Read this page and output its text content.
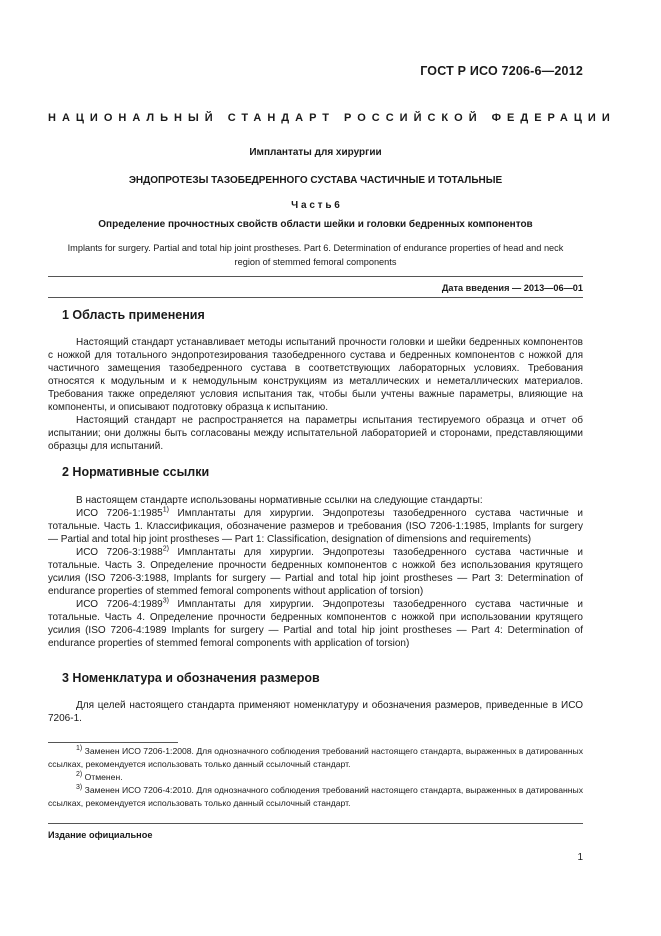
ГОСТ Р ИСО 7206-6—2012
НАЦИОНАЛЬНЫЙ СТАНДАРТ РОССИЙСКОЙ ФЕДЕРАЦИИ
Имплантаты для хирургии
ЭНДОПРОТЕЗЫ ТАЗОБЕДРЕННОГО СУСТАВА ЧАСТИЧНЫЕ И ТОТАЛЬНЫЕ
Ч а с т ь 6
Определение прочностных свойств области шейки и головки бедренных компонентов
Implants for surgery. Partial and total hip joint prostheses. Part 6. Determination of endurance properties of head and neck
region of stemmed femoral components
Дата введения — 2013—06—01
1 Область применения

Настоящий стандарт устанавливает методы испытаний прочности головки и шейки бедренных компонентов с ножкой для тотального эндопротезирования тазобедренного сустава и бедренных компонентов с ножкой для частичного замещения тазобедренного сустава в соответствующих лабораторных условиях. Требования относятся к модульным и к немодульным конструкциям из металлических и неметаллических материалов. Требования также определяют условия испытания так, чтобы были учтены важные параметры, влияющие на компоненты, и описывают подготовку образца к испытанию.

Настоящий стандарт не распространяется на параметры испытания тестируемого образца и отчет об испытании; они должны быть согласованы между испытательной лабораторией и сторонами, представляющими образцы для испытаний.

2 Нормативные ссылки

В настоящем стандарте использованы нормативные ссылки на следующие стандарты:

ИСО 7206-1:1985$^{1)}$ Имплантаты для хирургии. Эндопротезы тазобедренного сустава частичные и тотальные. Часть 1. Классификация, обозначение размеров и требования (ISO 7206-1:1985, Implants for surgery — Partial and total hip joint prostheses — Part 1: Classification, designation of dimensions and requirements)

ИСО 7206-3:1988$^{2)}$ Имплантаты для хирургии. Эндопротезы тазобедренного сустава частичные и тотальные. Часть 3. Определение прочности бедренных компонентов с ножкой без использования крутящего усилия (ISO 7206-3:1988, Implants for surgery — Partial and total hip joint prostheses — Part 3: Determination of endurance properties of stemmed femoral components without application of torsion)

ИСО 7206-4:1989$^{3)}$ Имплантаты для хирургии. Эндопротезы тазобедренного сустава частичные и тотальные. Часть 4. Определение прочности бедренных компонентов с ножкой при использовании крутящего усилия (ISO 7206-4:1989 Implants for surgery — Partial and total hip joint prostheses — Part 4: Determination of endurance properties of stemmed femoral components with application of torsion)

3 Номенклатура и обозначения размеров

Для целей настоящего стандарта применяют номенклатуру и обозначения размеров, приведенные в ИСО 7206-1.

$^{1)}$ Заменен ИСО 7206-1:2008. Для однозначного соблюдения требований настоящего стандарта, выраженных в датированных ссылках, рекомендуется использовать только данный ссылочный стандарт.

$^{2)}$ Отменен.

$^{3)}$ Заменен ИСО 7206-4:2010. Для однозначного соблюдения требований настоящего стандарта, выраженных в датированных ссылках, рекомендуется использовать только данный ссылочный стандарт.

Издание официальное
1
